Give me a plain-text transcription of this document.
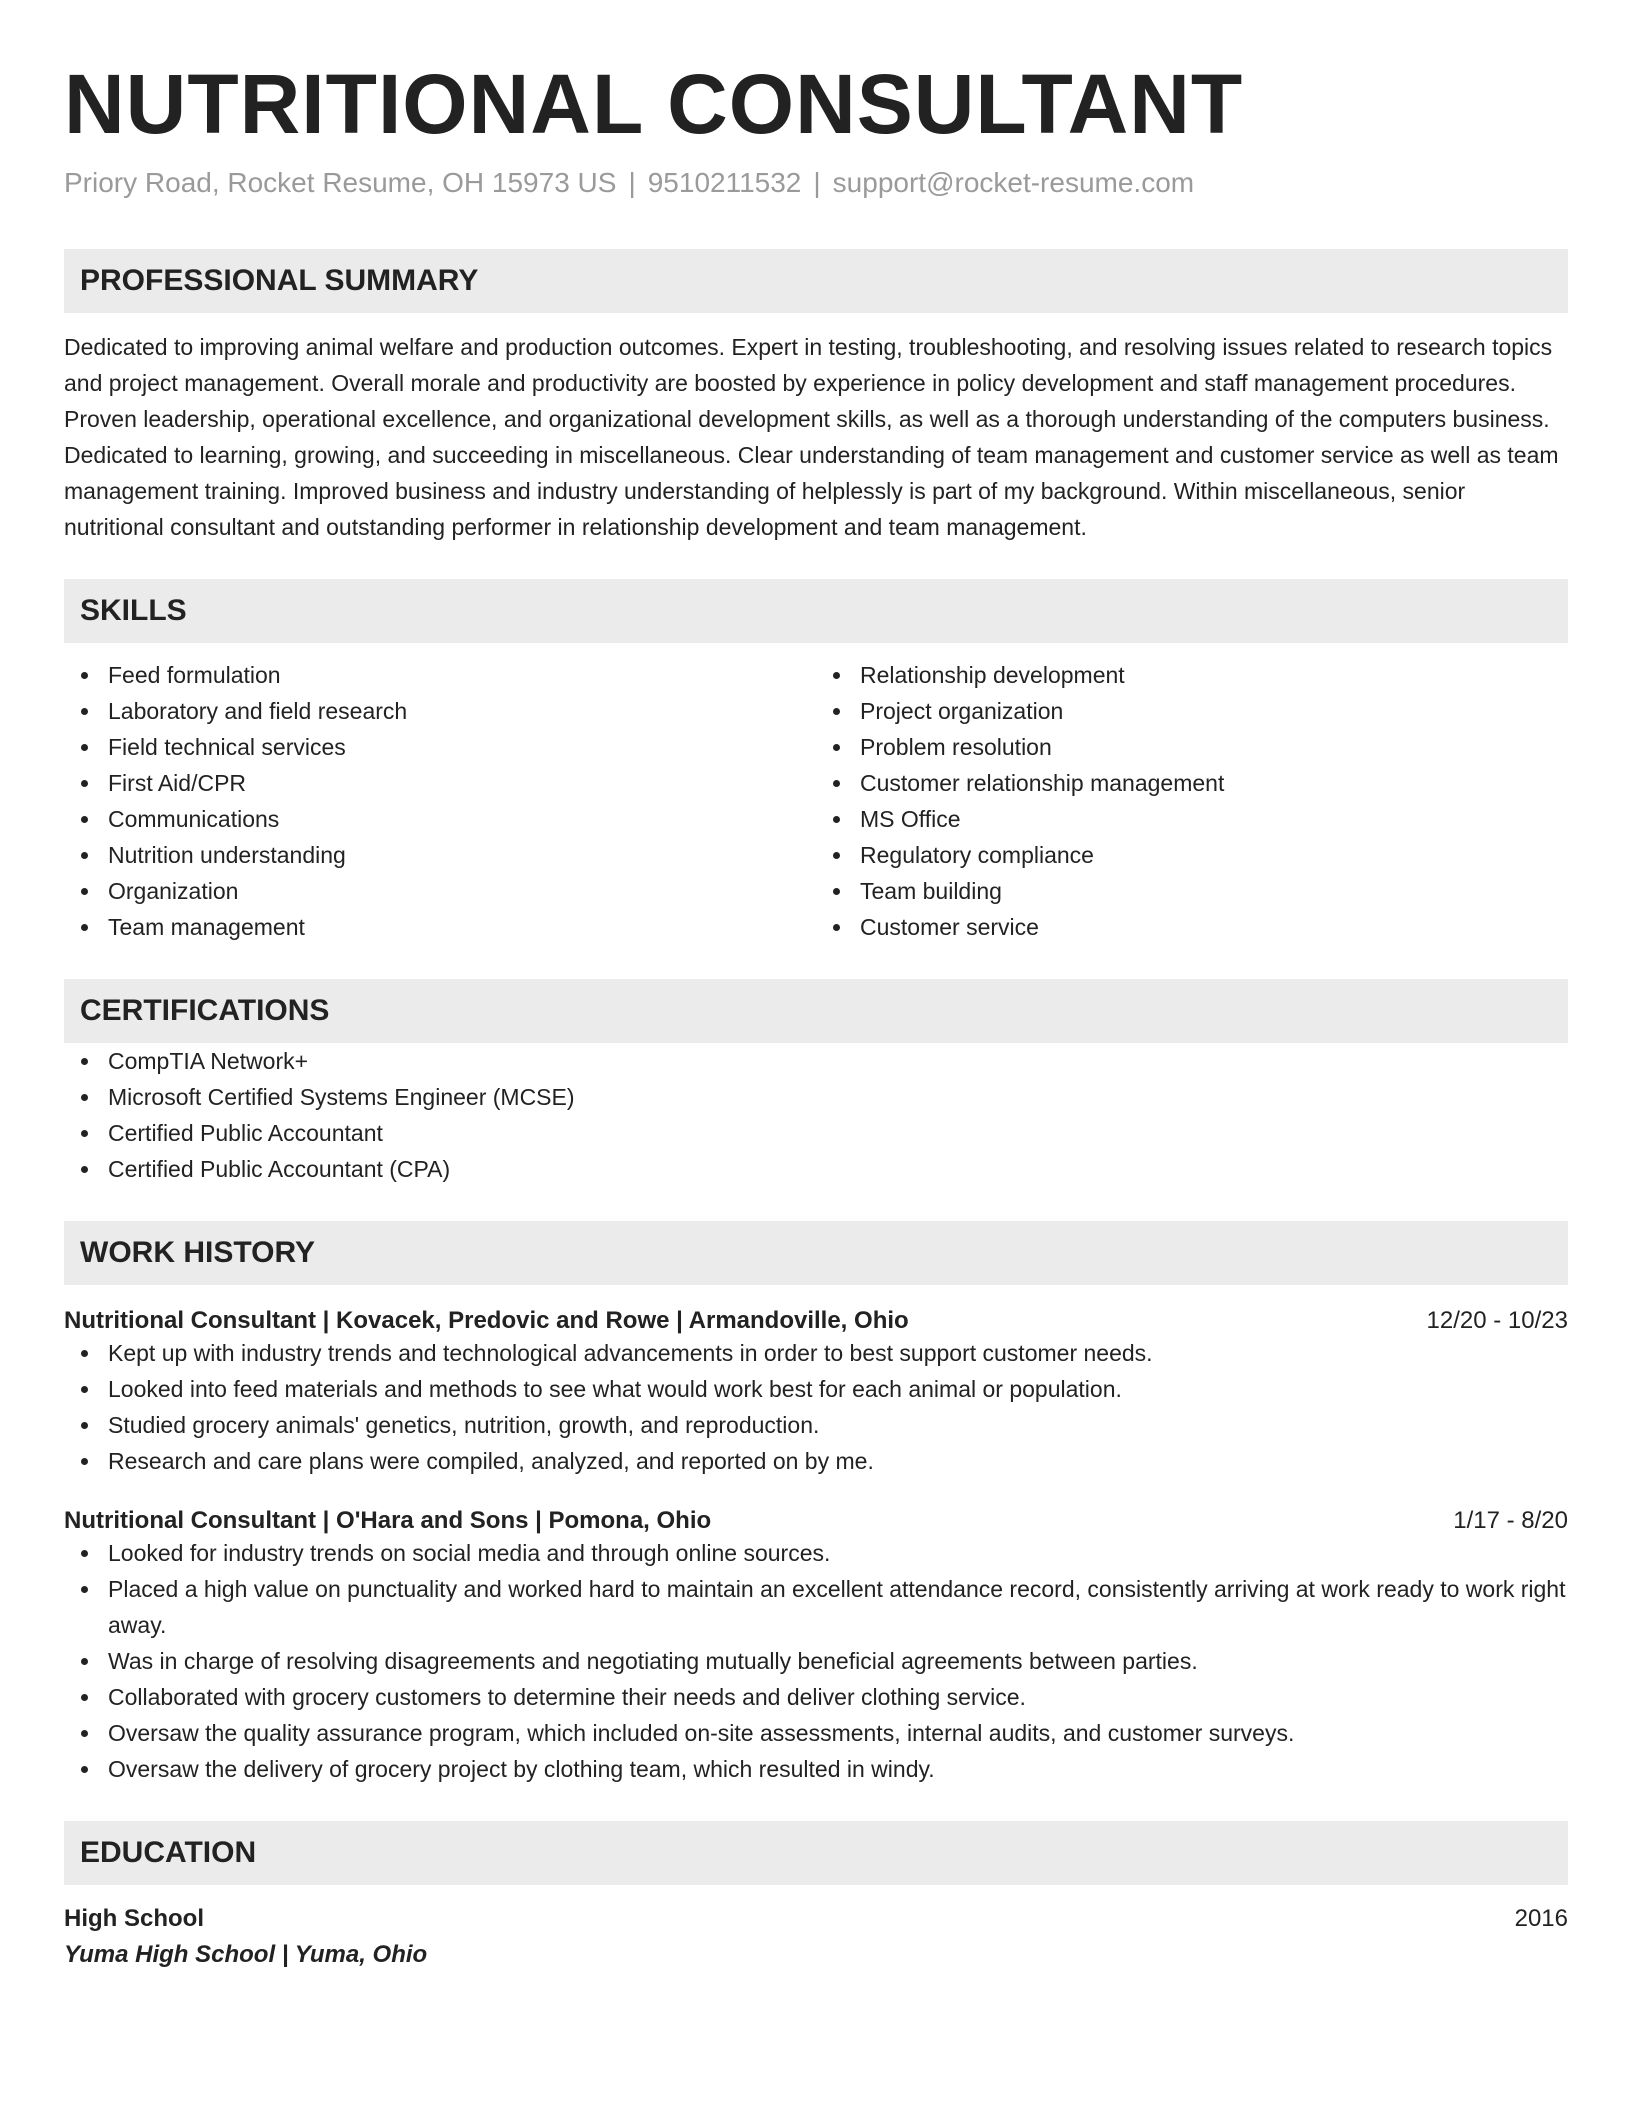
NUTRITIONAL CONSULTANT
Priory Road, Rocket Resume, OH 15973 US | 9510211532 | support@rocket-resume.com
PROFESSIONAL SUMMARY

Dedicated to improving animal welfare and production outcomes. Expert in testing, troubleshooting, and resolving issues related to research topics and project management. Overall morale and productivity are boosted by experience in policy development and staff management procedures. Proven leadership, operational excellence, and organizational development skills, as well as a thorough understanding of the computers business. Dedicated to learning, growing, and succeeding in miscellaneous. Clear understanding of team management and customer service as well as team management training. Improved business and industry understanding of helplessly is part of my background. Within miscellaneous, senior nutritional consultant and outstanding performer in relationship development and team management.

SKILLS
Feed formulation
Laboratory and field research
Field technical services
First Aid/CPR
Communications
Nutrition understanding
Organization
Team management
Relationship development
Project organization
Problem resolution
Customer relationship management
MS Office
Regulatory compliance
Team building
Customer service
CERTIFICATIONS
CompTIA Network+
Microsoft Certified Systems Engineer (MCSE)
Certified Public Accountant
Certified Public Accountant (CPA)
WORK HISTORY
Nutritional Consultant | Kovacek, Predovic and Rowe | Armandoville, Ohio	12/20 - 10/23
Kept up with industry trends and technological advancements in order to best support customer needs.
Looked into feed materials and methods to see what would work best for each animal or population.
Studied grocery animals' genetics, nutrition, growth, and reproduction.
Research and care plans were compiled, analyzed, and reported on by me.
Nutritional Consultant | O'Hara and Sons | Pomona, Ohio	1/17 - 8/20
Looked for industry trends on social media and through online sources.
Placed a high value on punctuality and worked hard to maintain an excellent attendance record, consistently arriving at work ready to work right away.
Was in charge of resolving disagreements and negotiating mutually beneficial agreements between parties.
Collaborated with grocery customers to determine their needs and deliver clothing service.
Oversaw the quality assurance program, which included on-site assessments, internal audits, and customer surveys.
Oversaw the delivery of grocery project by clothing team, which resulted in windy.
EDUCATION
High School	2016
Yuma High School | Yuma, Ohio
